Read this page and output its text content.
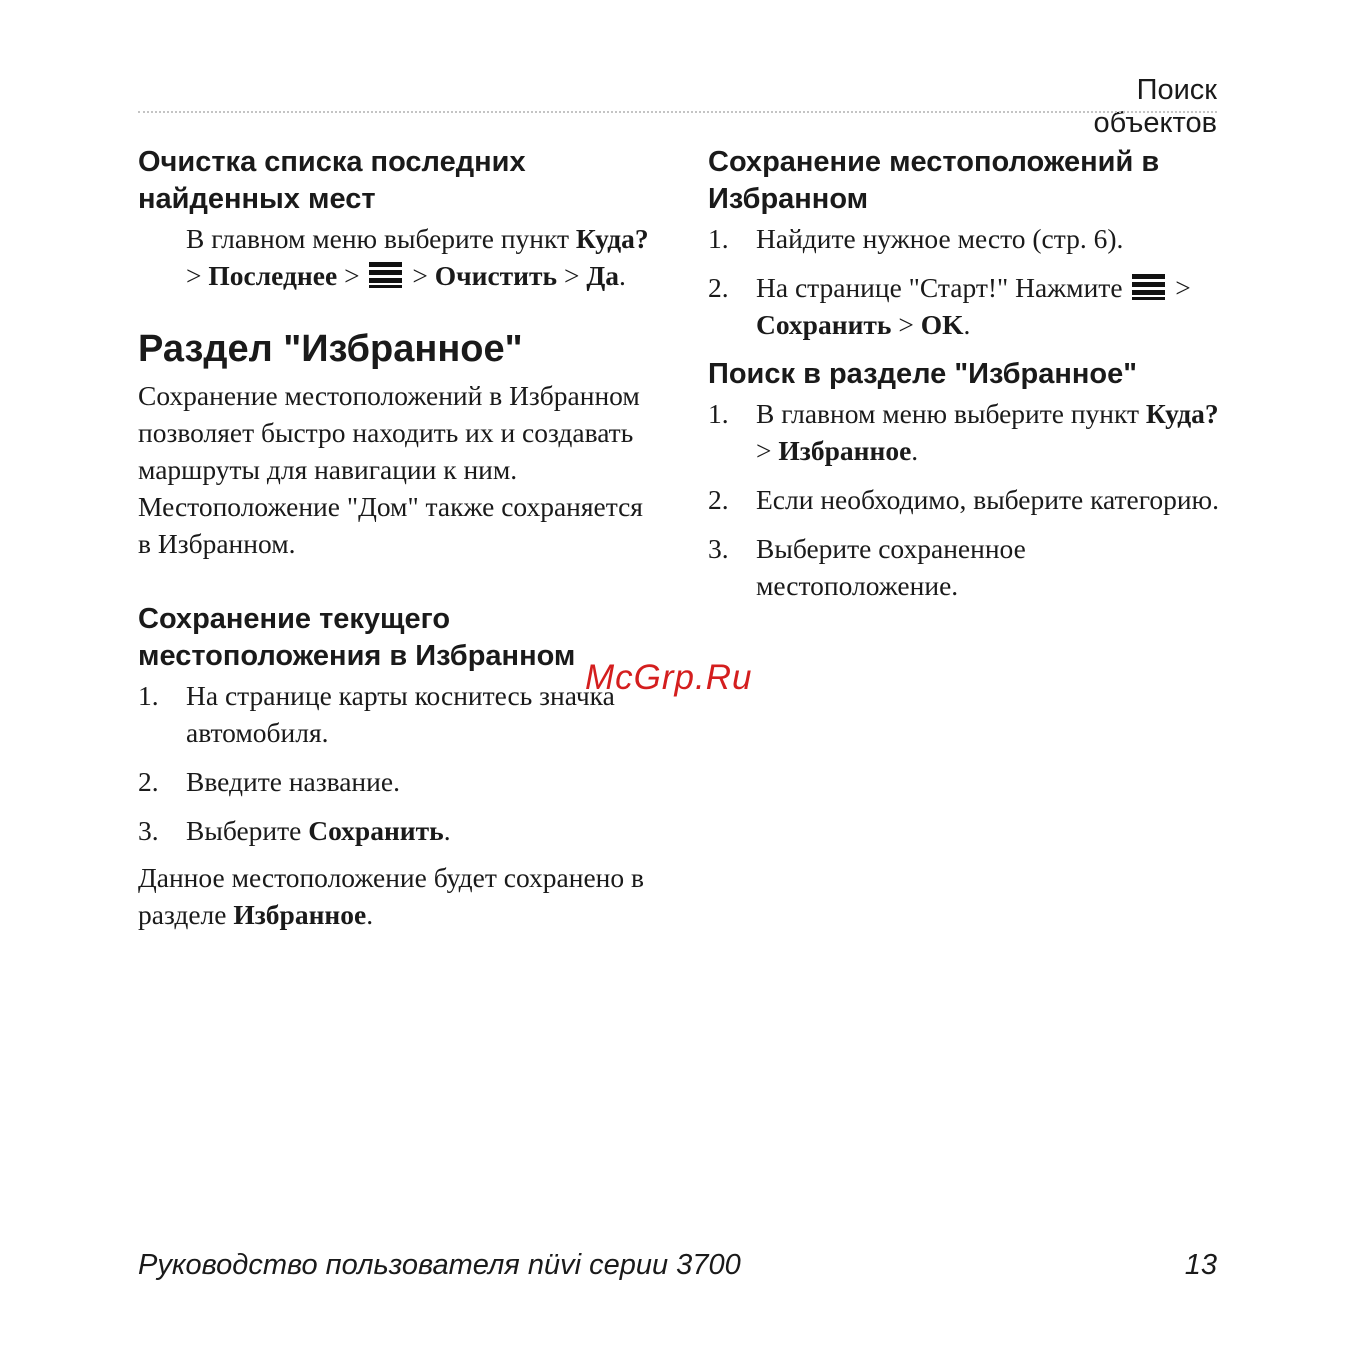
Поиск объектов
Очистка списка последних найденных мест

В главном меню выберите пункт Куда? > Последнее >  > Очистить > Да.

Раздел "Избранное"

Сохранение местоположений в Избранном позволяет быстро находить их и создавать маршруты для навигации к ним. Местоположение "Дом" также сохраняется в Избранном.

Сохранение текущего местоположения в Избранном
1. На странице карты коснитесь значка автомобиля.
2. Введите название.
3. Выберите Сохранить.

Данное местоположение будет сохранено в разделе Избранное.

Сохранение местоположений в Избранном
1. Найдите нужное место (стр. 6).
2. На странице "Старт!" Нажмите  > Сохранить > OK.
Поиск в разделе "Избранное"
1. В главном меню выберите пункт Куда? > Избранное.
2. Если необходимо, выберите категорию.
3. Выберите сохраненное местоположение.
McGrp.Ru
Руководство пользователя nüvi серии 3700	13
